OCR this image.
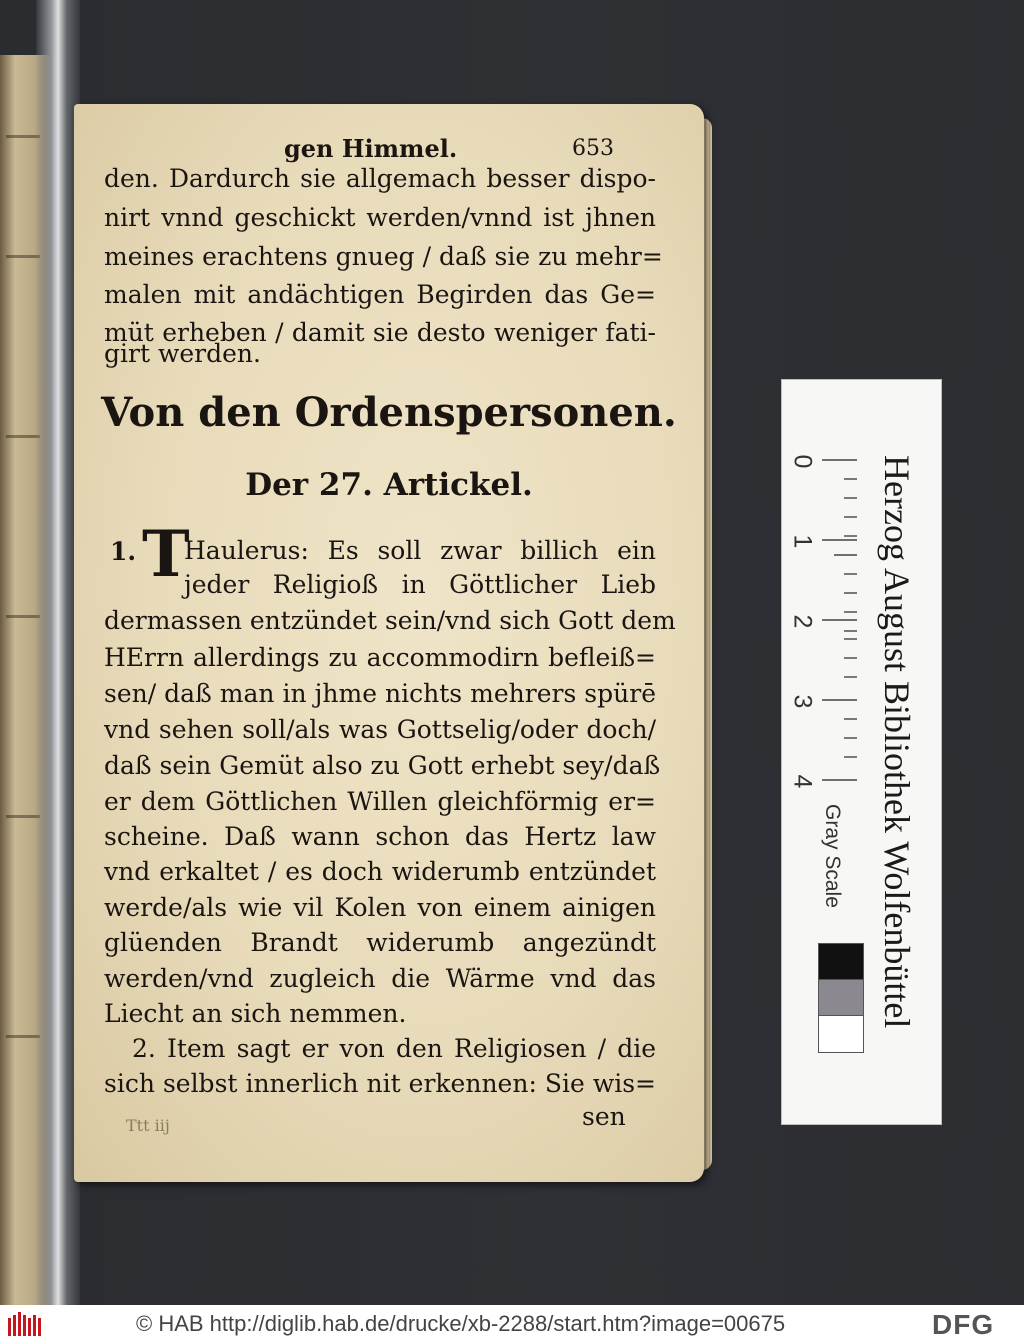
gen Himmel.	653
den. Dardurch sie allgemach besser dispo-
nirt vnnd geschickt werden/vnnd ist jhnen
meines erachtens gnueg / daß sie zu mehr=
malen mit andächtigen Begirden das Ge=
müt erheben / damit sie desto weniger fati-
girt werden.
Von den Ordenspersonen.
Der 27. Artickel.
1. T
Haulerus: Es soll zwar billich ein
jeder Religioß in Göttlicher Lieb
dermassen entzündet sein/vnd sich Gott dem
HErrn allerdings zu accommodirn befleiß=
sen/ daß man in jhme nichts mehrers spürē
vnd sehen soll/als was Gottselig/oder doch/
daß sein Gemüt also zu Gott erhebt sey/daß
er dem Göttlichen Willen gleichförmig er=
scheine. Daß wann schon das Hertz law
vnd erkaltet / es doch widerumb entzündet
werde/als wie vil Kolen von einem ainigen
glüenden Brandt widerumb angezündt
werden/vnd zugleich die Wärme vnd das
Liecht an sich nemmen.
2. Item sagt er von den Religiosen / die
sich selbst innerlich nit erkennen: Sie wis=
sen
Ttt iij
0
1
2
3
4 Herzog August Bibliothek Wolfenbüttel
Gray Scale
© HAB http://diglib.hab.de/drucke/xb-2288/start.htm?image=00675	DFG
